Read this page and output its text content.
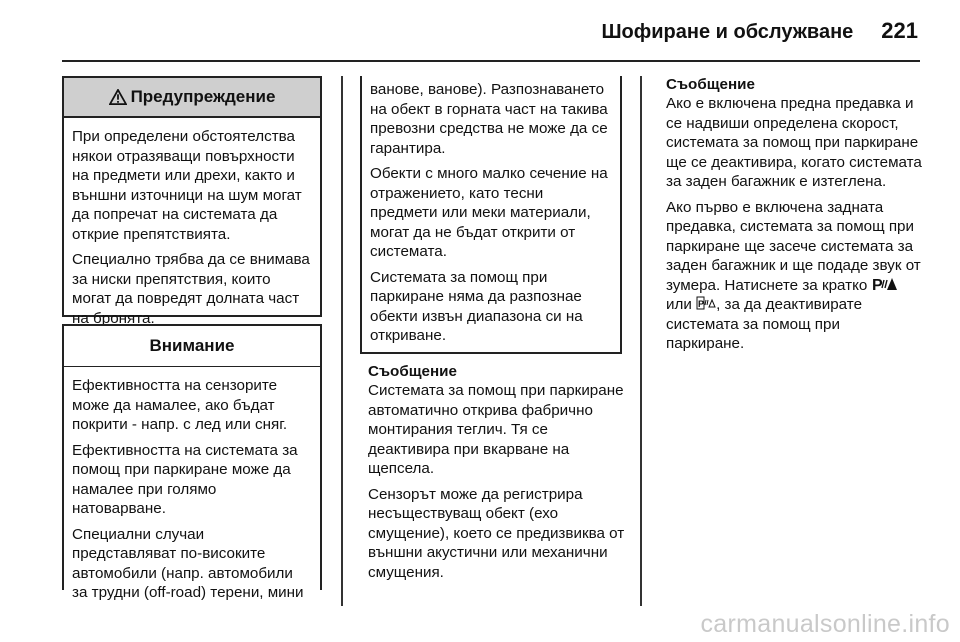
Шофиране и обслужване 221
Предупреждение

При определени обстоятелства някои отразяващи повърхности на предмети или дрехи, както и външни източници на шум могат да попречат на системата да открие препятствията.

Специално трябва да се внимава за ниски препятствия, които могат да повредят долната част на бронята.

Внимание

Ефективността на сензорите може да намалее, ако бъдат покрити - напр. с лед или сняг.

Ефективността на системата за помощ при паркиране може да намалее при голямо натоварване.

Специални случаи представляват по-високите автомобили (напр. автомобили за трудни (off-road) терени, мини

ванове, ванове). Разпознаването на обект в горната част на такива превозни средства не може да се гарантира.

Обекти с много малко сечение на отражението, като тесни предмети или меки материали, могат да не бъдат открити от системата.

Системата за помощ при паркиране няма да разпознае обекти извън диапазона си на откриване.

Съобщение

Системата за помощ при паркиране автоматично открива фабрично монтирания теглич. Тя се деактивира при вкарване на щепсела.

Сензорът може да регистрира несъществуващ обект (ехо смущение), което се предизвиква от външни акустични или механични смущения.

Съобщение

Ако е включена предна предавка и се надвиши определена скорост, системата за помощ при паркиране ще се деактивира, когато системата за заден багажник е изтеглена.

Ако първо е включена задната предавка, системата за помощ при паркиране ще засече системата за заден багажник и ще подаде звук от зумера. Натиснете за кратко P
или P , за да деактивирате системата за помощ при паркиране.

carmanualsonline.info
